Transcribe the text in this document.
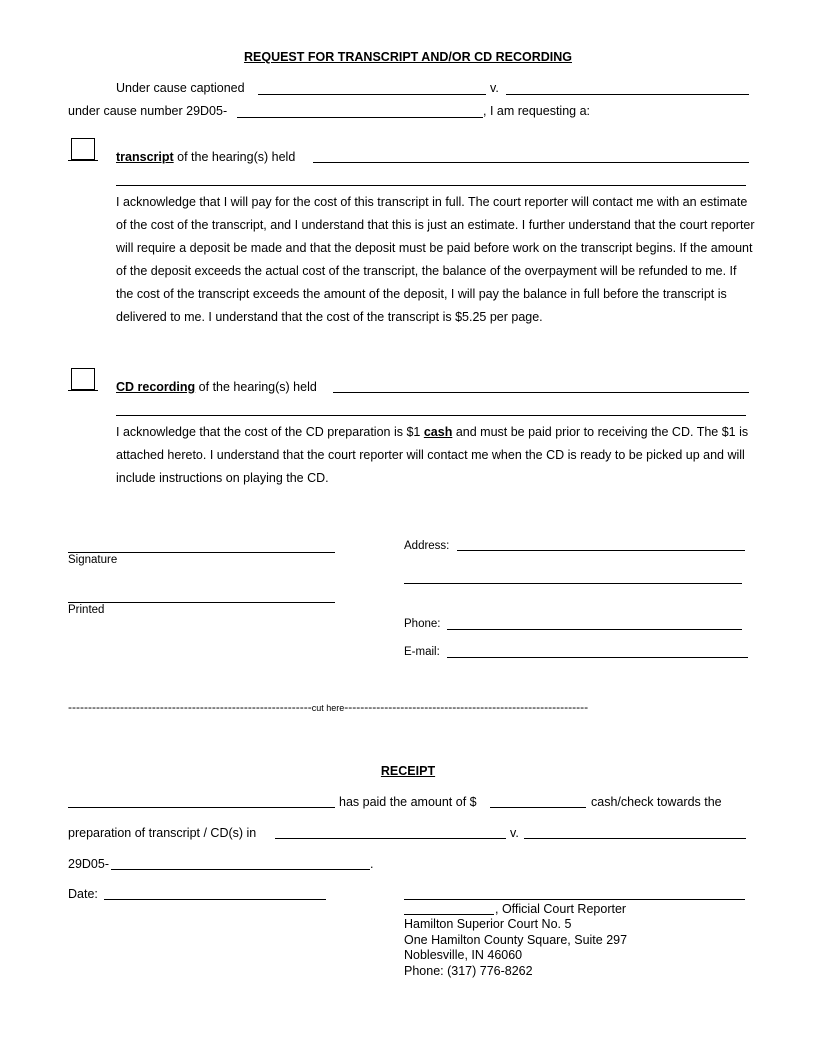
REQUEST FOR TRANSCRIPT AND/OR CD RECORDING
Under cause captioned	v.
under cause number 29D05-	, I am requesting a:
transcript of the hearing(s) held
I acknowledge that I will pay for the cost of this transcript in full. The court reporter will contact me with an estimate of the cost of the transcript, and I understand that this is just an estimate. I further understand that the court reporter will require a deposit be made and that the deposit must be paid before work on the transcript begins. If the amount of the deposit exceeds the actual cost of the transcript, the balance of the overpayment will be refunded to me. If the cost of the transcript exceeds the amount of the deposit, I will pay the balance in full before the transcript is delivered to me. I understand that the cost of the transcript is $5.25 per page.
CD recording of the hearing(s) held
I acknowledge that the cost of the CD preparation is $1 cash and must be paid prior to receiving the CD. The $1 is attached hereto. I understand that the court reporter will contact me when the CD is ready to be picked up and will include instructions on playing the CD.
Signature
Printed
Address:
Phone:
E-mail:
-------------------------------------------------------------cut here-------------------------------------------------------------
RECEIPT
has paid the amount of $	cash/check towards the
preparation of transcript / CD(s) in	v.
29D05-	.
Date:
, Official Court Reporter
Hamilton Superior Court No. 5
One Hamilton County Square, Suite 297
Noblesville, IN 46060
Phone: (317) 776-8262
